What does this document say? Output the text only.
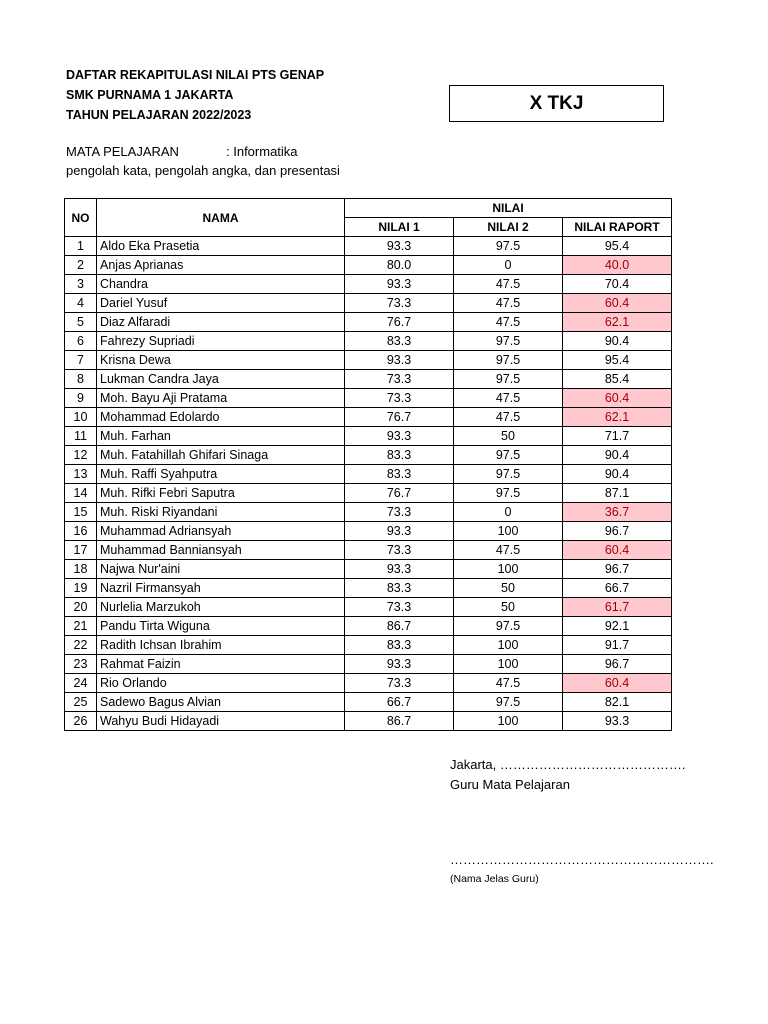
DAFTAR REKAPITULASI NILAI PTS GENAP
SMK PURNAMA 1 JAKARTA
TAHUN PELAJARAN 2022/2023
X TKJ
MATA PELAJARAN	: Informatika
pengolah kata, pengolah angka, dan presentasi
NO	NAMA	NILAI		
		NILAI 1	NILAI 2	NILAI RAPORT
1	Aldo Eka Prasetia	93.3	97.5	95.4
2	Anjas Aprianas	80.0	0	40.0
3	Chandra	93.3	47.5	70.4
4	Dariel Yusuf	73.3	47.5	60.4
5	Diaz Alfaradi	76.7	47.5	62.1
6	Fahrezy Supriadi	83.3	97.5	90.4
7	Krisna Dewa	93.3	97.5	95.4
8	Lukman Candra Jaya	73.3	97.5	85.4
9	Moh. Bayu Aji Pratama	73.3	47.5	60.4
10	Mohammad Edolardo	76.7	47.5	62.1
11	Muh. Farhan	93.3	50	71.7
12	Muh. Fatahillah Ghifari Sinaga	83.3	97.5	90.4
13	Muh. Raffi Syahputra	83.3	97.5	90.4
14	Muh. Rifki Febri Saputra	76.7	97.5	87.1
15	Muh. Riski Riyandani	73.3	0	36.7
16	Muhammad Adriansyah	93.3	100	96.7
17	Muhammad Banniansyah	73.3	47.5	60.4
18	Najwa Nur'aini	93.3	100	96.7
19	Nazril Firmansyah	83.3	50	66.7
20	Nurlelia Marzukoh	73.3	50	61.7
21	Pandu Tirta Wiguna	86.7	97.5	92.1
22	Radith Ichsan Ibrahim	83.3	100	91.7
23	Rahmat Faizin	93.3	100	96.7
24	Rio Orlando	73.3	47.5	60.4
25	Sadewo Bagus Alvian	66.7	97.5	82.1
26	Wahyu Budi Hidayadi	86.7	100	93.3
Jakarta, …………………………………….
Guru Mata Pelajaran
…………………………………………………….
(Nama Jelas Guru)
